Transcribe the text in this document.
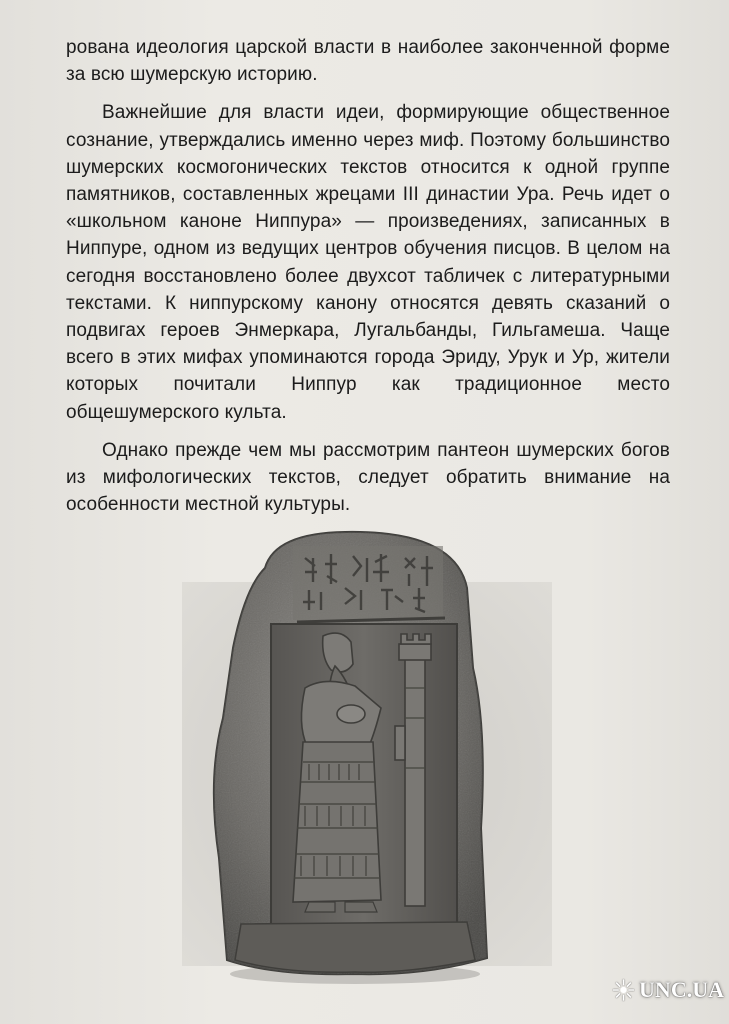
рована идеология царской власти в наиболее законченной форме за всю шумерскую историю.

Важнейшие для власти идеи, формирующие общественное сознание, утверждались именно через миф. Поэтому большинство шумерских космогонических текстов относится к одной группе памятников, составленных жрецами III династии Ура. Речь идет о «школьном каноне Ниппура» — произведениях, записанных в Ниппуре, одном из ведущих центров обучения писцов. В целом на сегодня восстановлено более двухсот табличек с литературными текстами. К ниппурскому канону относятся девять сказаний о подвигах героев Энмеркара, Лугальбанды, Гильгамеша. Чаще всего в этих мифах упоминаются города Эриду, Урук и Ур, жители которых почитали Ниппур как традиционное место общешумерского культа.

Однако прежде чем мы рассмотрим пантеон шумерских богов из мифологических текстов, следует обратить внимание на особенности местной культуры.

UNC.UA
